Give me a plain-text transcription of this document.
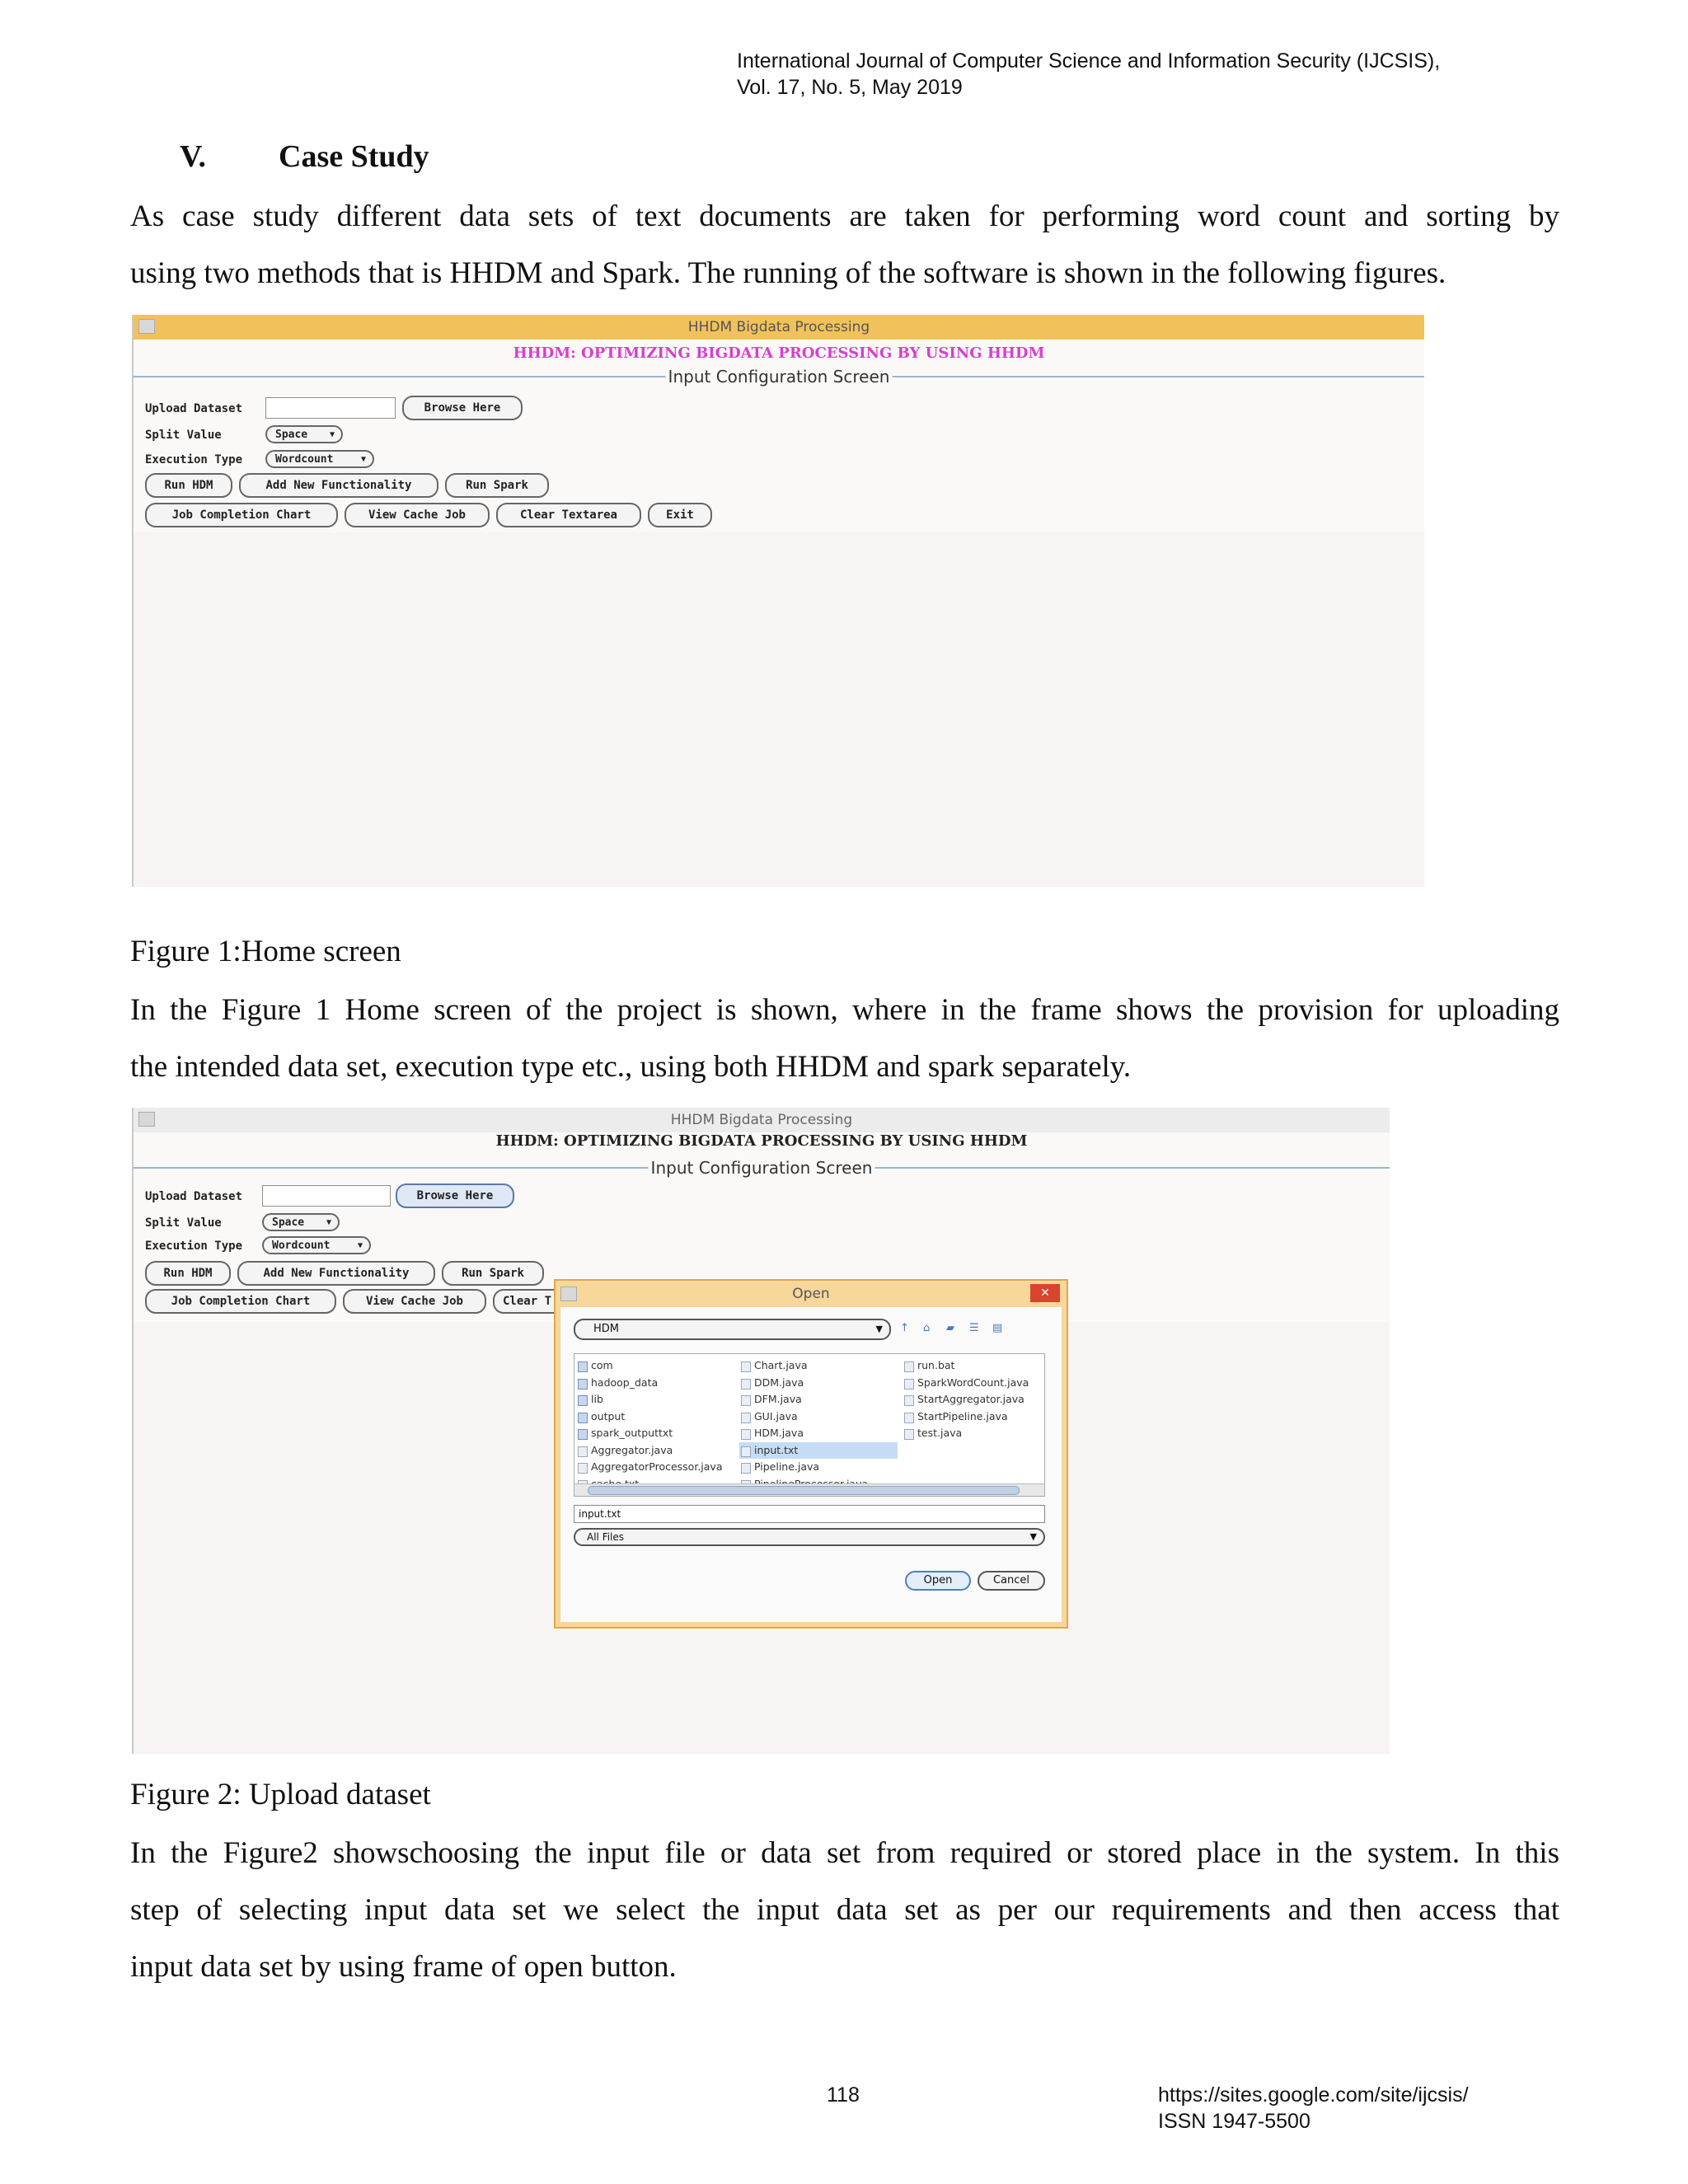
International Journal of Computer Science and Information Security (IJCSIS),
Vol. 17, No. 5, May 2019
V. Case Study
As case study different data sets of text documents are taken for performing word count and sorting by
using two methods that is HHDM and Spark. The running of the software is shown in the following figures.
HHDM Bigdata Processing
HHDM: OPTIMIZING BIGDATA PROCESSING BY USING HHDM
Input Configuration Screen
Upload Dataset	Browse Here
Split Value	Space	▼
Execution Type	Wordcount	▼
Run HDM	Add New Functionality	Run Spark
Job Completion Chart	View Cache Job	Clear Textarea	Exit
Figure 1:Home screen
In the Figure 1 Home screen of the project is shown, where in the frame shows the provision for uploading
the intended data set, execution type etc., using both HHDM and spark separately.
HHDM Bigdata Processing
HHDM: OPTIMIZING BIGDATA PROCESSING BY USING HHDM
Input Configuration Screen
Upload Dataset	Browse Here
Split Value	Space	▼
Execution Type	Wordcount	▼
Run HDM	Add New Functionality	Run Spark
Job Completion Chart	View Cache Job	Clear T	Open	✕
HDM	▼ ↑	⌂	▰	☰	▤
com
hadoop_data
lib
output
spark_outputtxt
Aggregator.java
AggregatorProcessor.java
Chart.java
DDM.java
DFM.java
GUI.java
HDM.java
input.txt
Pipeline.java
run.bat
SparkWordCount.java
StartAggregator.java
StartPipeline.java
test.java
input.txt
All Files	▼
Open	Cancel
Figure 2: Upload dataset
In the Figure2 showschoosing the input file or data set from required or stored place in the system. In this
step of selecting input data set we select the input data set as per our requirements and then access that
input data set by using frame of open button.
118	https://sites.google.com/site/ijcsis/
ISSN 1947-5500
